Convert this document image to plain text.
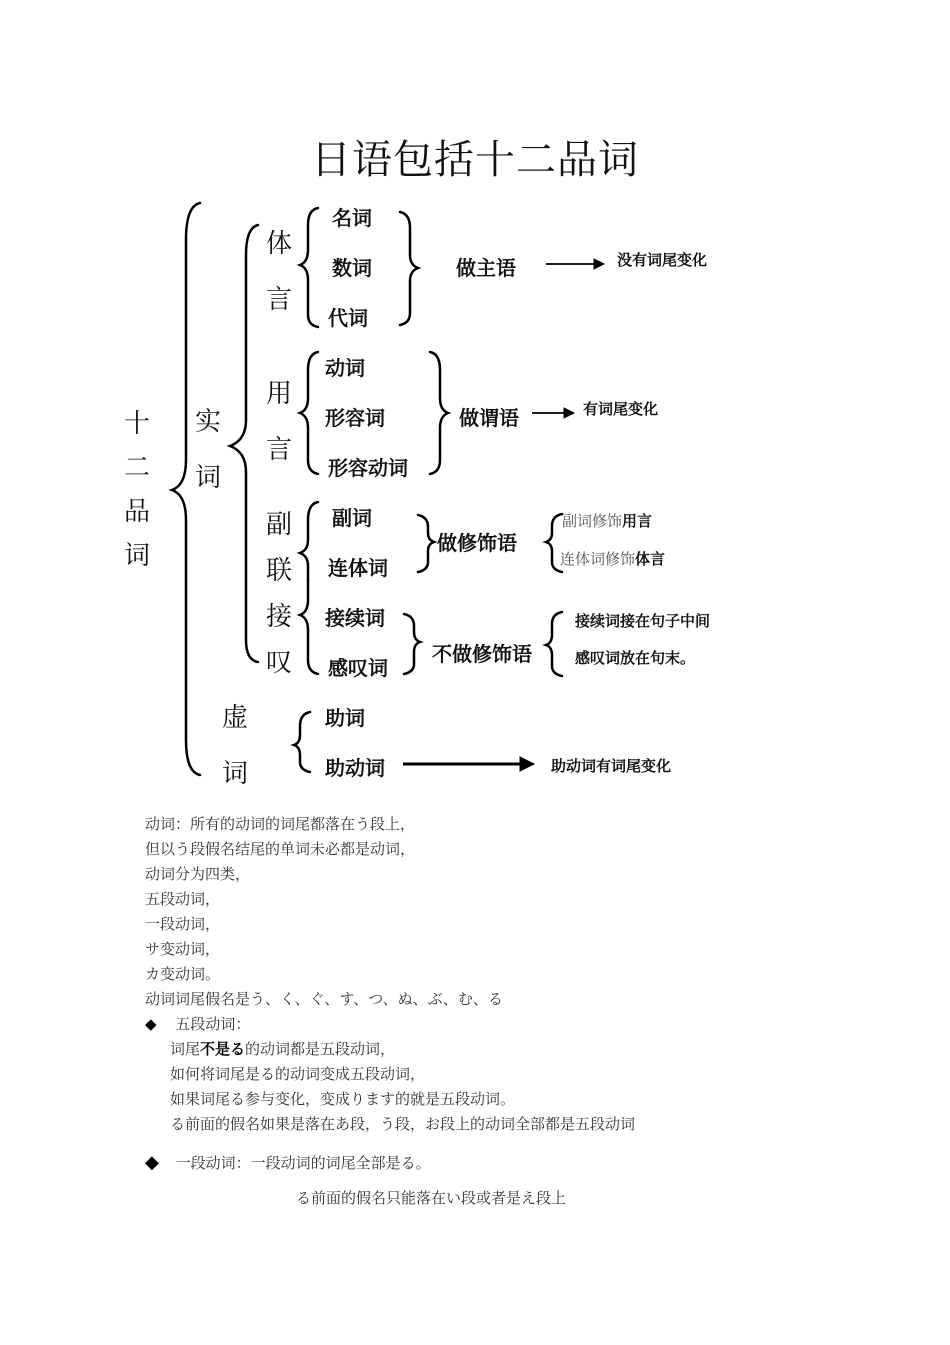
日语包括十二品词
十
二
品
词
实
词
虚
词
体
言
用
言
副
联
接
叹
名词
数词
代词
做主语	没有词尾变化
动词
形容词
形容动词
做谓语	有词尾变化
副词
连体词
做修饰语
副词修饰用言
连体词修饰体言
接续词
感叹词
不做修饰语
接续词接在句子中间
感叹词放在句末。
助词
助动词	助动词有词尾变化
动词：所有的动词的词尾都落在う段上，
但以う段假名结尾的单词未必都是动词，
动词分为四类，
五段动词，
一段动词，
サ变动词，
カ变动词。
动词词尾假名是う、く、ぐ、す、つ、ぬ、ぶ、む、る
◆ 五段动词：
词尾不是る的动词都是五段动词，
如何将词尾是る的动词变成五段动词，
如果词尾る参与变化，变成ります的就是五段动词。
る前面的假名如果是落在あ段，う段，お段上的动词全部都是五段动词
◆ 一段动词：一段动词的词尾全部是る。
る前面的假名只能落在い段或者是え段上
